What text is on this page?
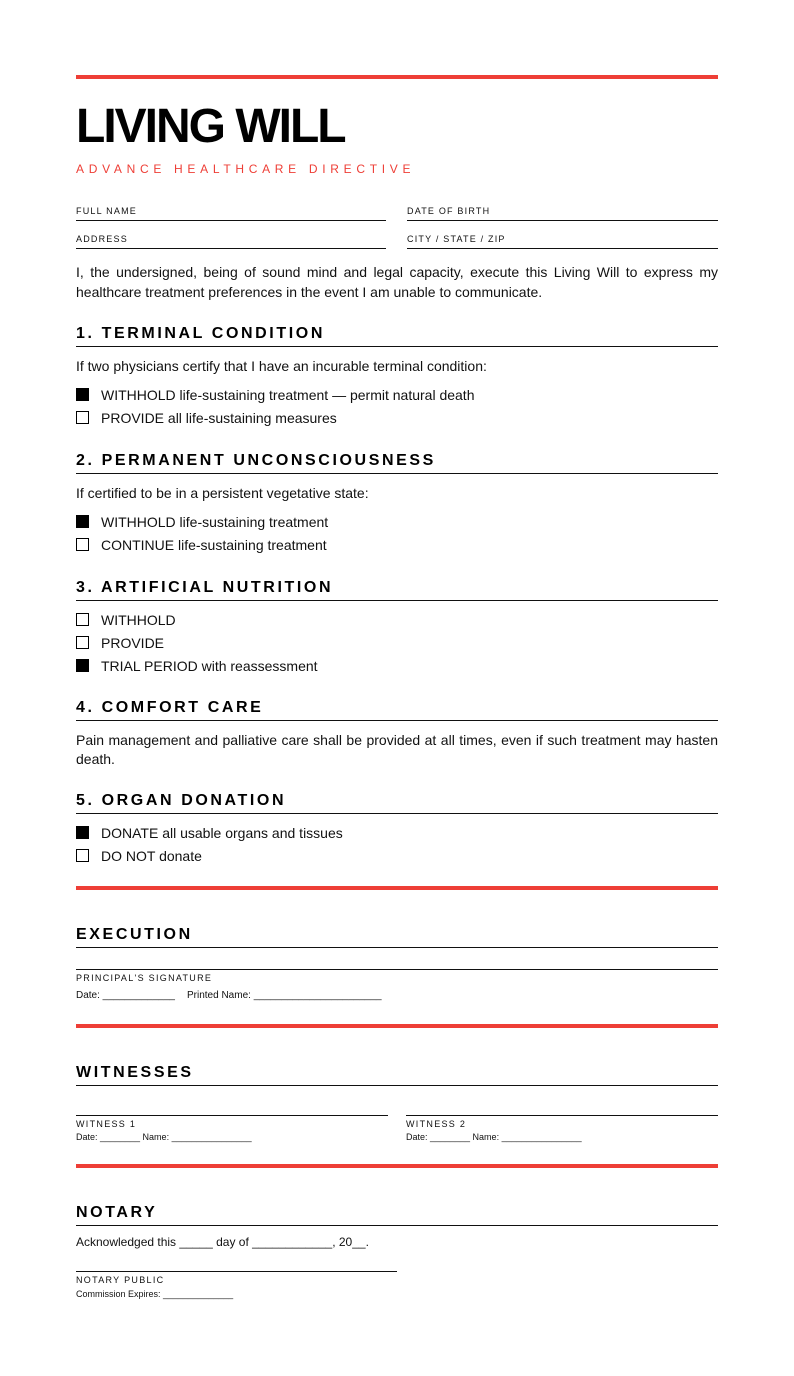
LIVING WILL
ADVANCE HEALTHCARE DIRECTIVE
FULL NAME	DATE OF BIRTH
ADDRESS	CITY / STATE / ZIP
I, the undersigned, being of sound mind and legal capacity, execute this Living Will to express my healthcare treatment preferences in the event I am unable to communicate.
1. TERMINAL CONDITION
If two physicians certify that I have an incurable terminal condition:
WITHHOLD life-sustaining treatment — permit natural death
PROVIDE all life-sustaining measures
2. PERMANENT UNCONSCIOUSNESS
If certified to be in a persistent vegetative state:
WITHHOLD life-sustaining treatment
CONTINUE life-sustaining treatment
3. ARTIFICIAL NUTRITION
WITHHOLD
PROVIDE
TRIAL PERIOD with reassessment
4. COMFORT CARE
Pain management and palliative care shall be provided at all times, even if such treatment may hasten death.
5. ORGAN DONATION
DONATE all usable organs and tissues
DO NOT donate
EXECUTION
PRINCIPAL'S SIGNATURE
Date: _____________ Printed Name: _______________________
WITNESSES
WITNESS 1
Date: ________ Name: ________________
WITNESS 2
Date: ________ Name: ________________
NOTARY
Acknowledged this _____ day of ____________, 20__.
NOTARY PUBLIC
Commission Expires: ______________
